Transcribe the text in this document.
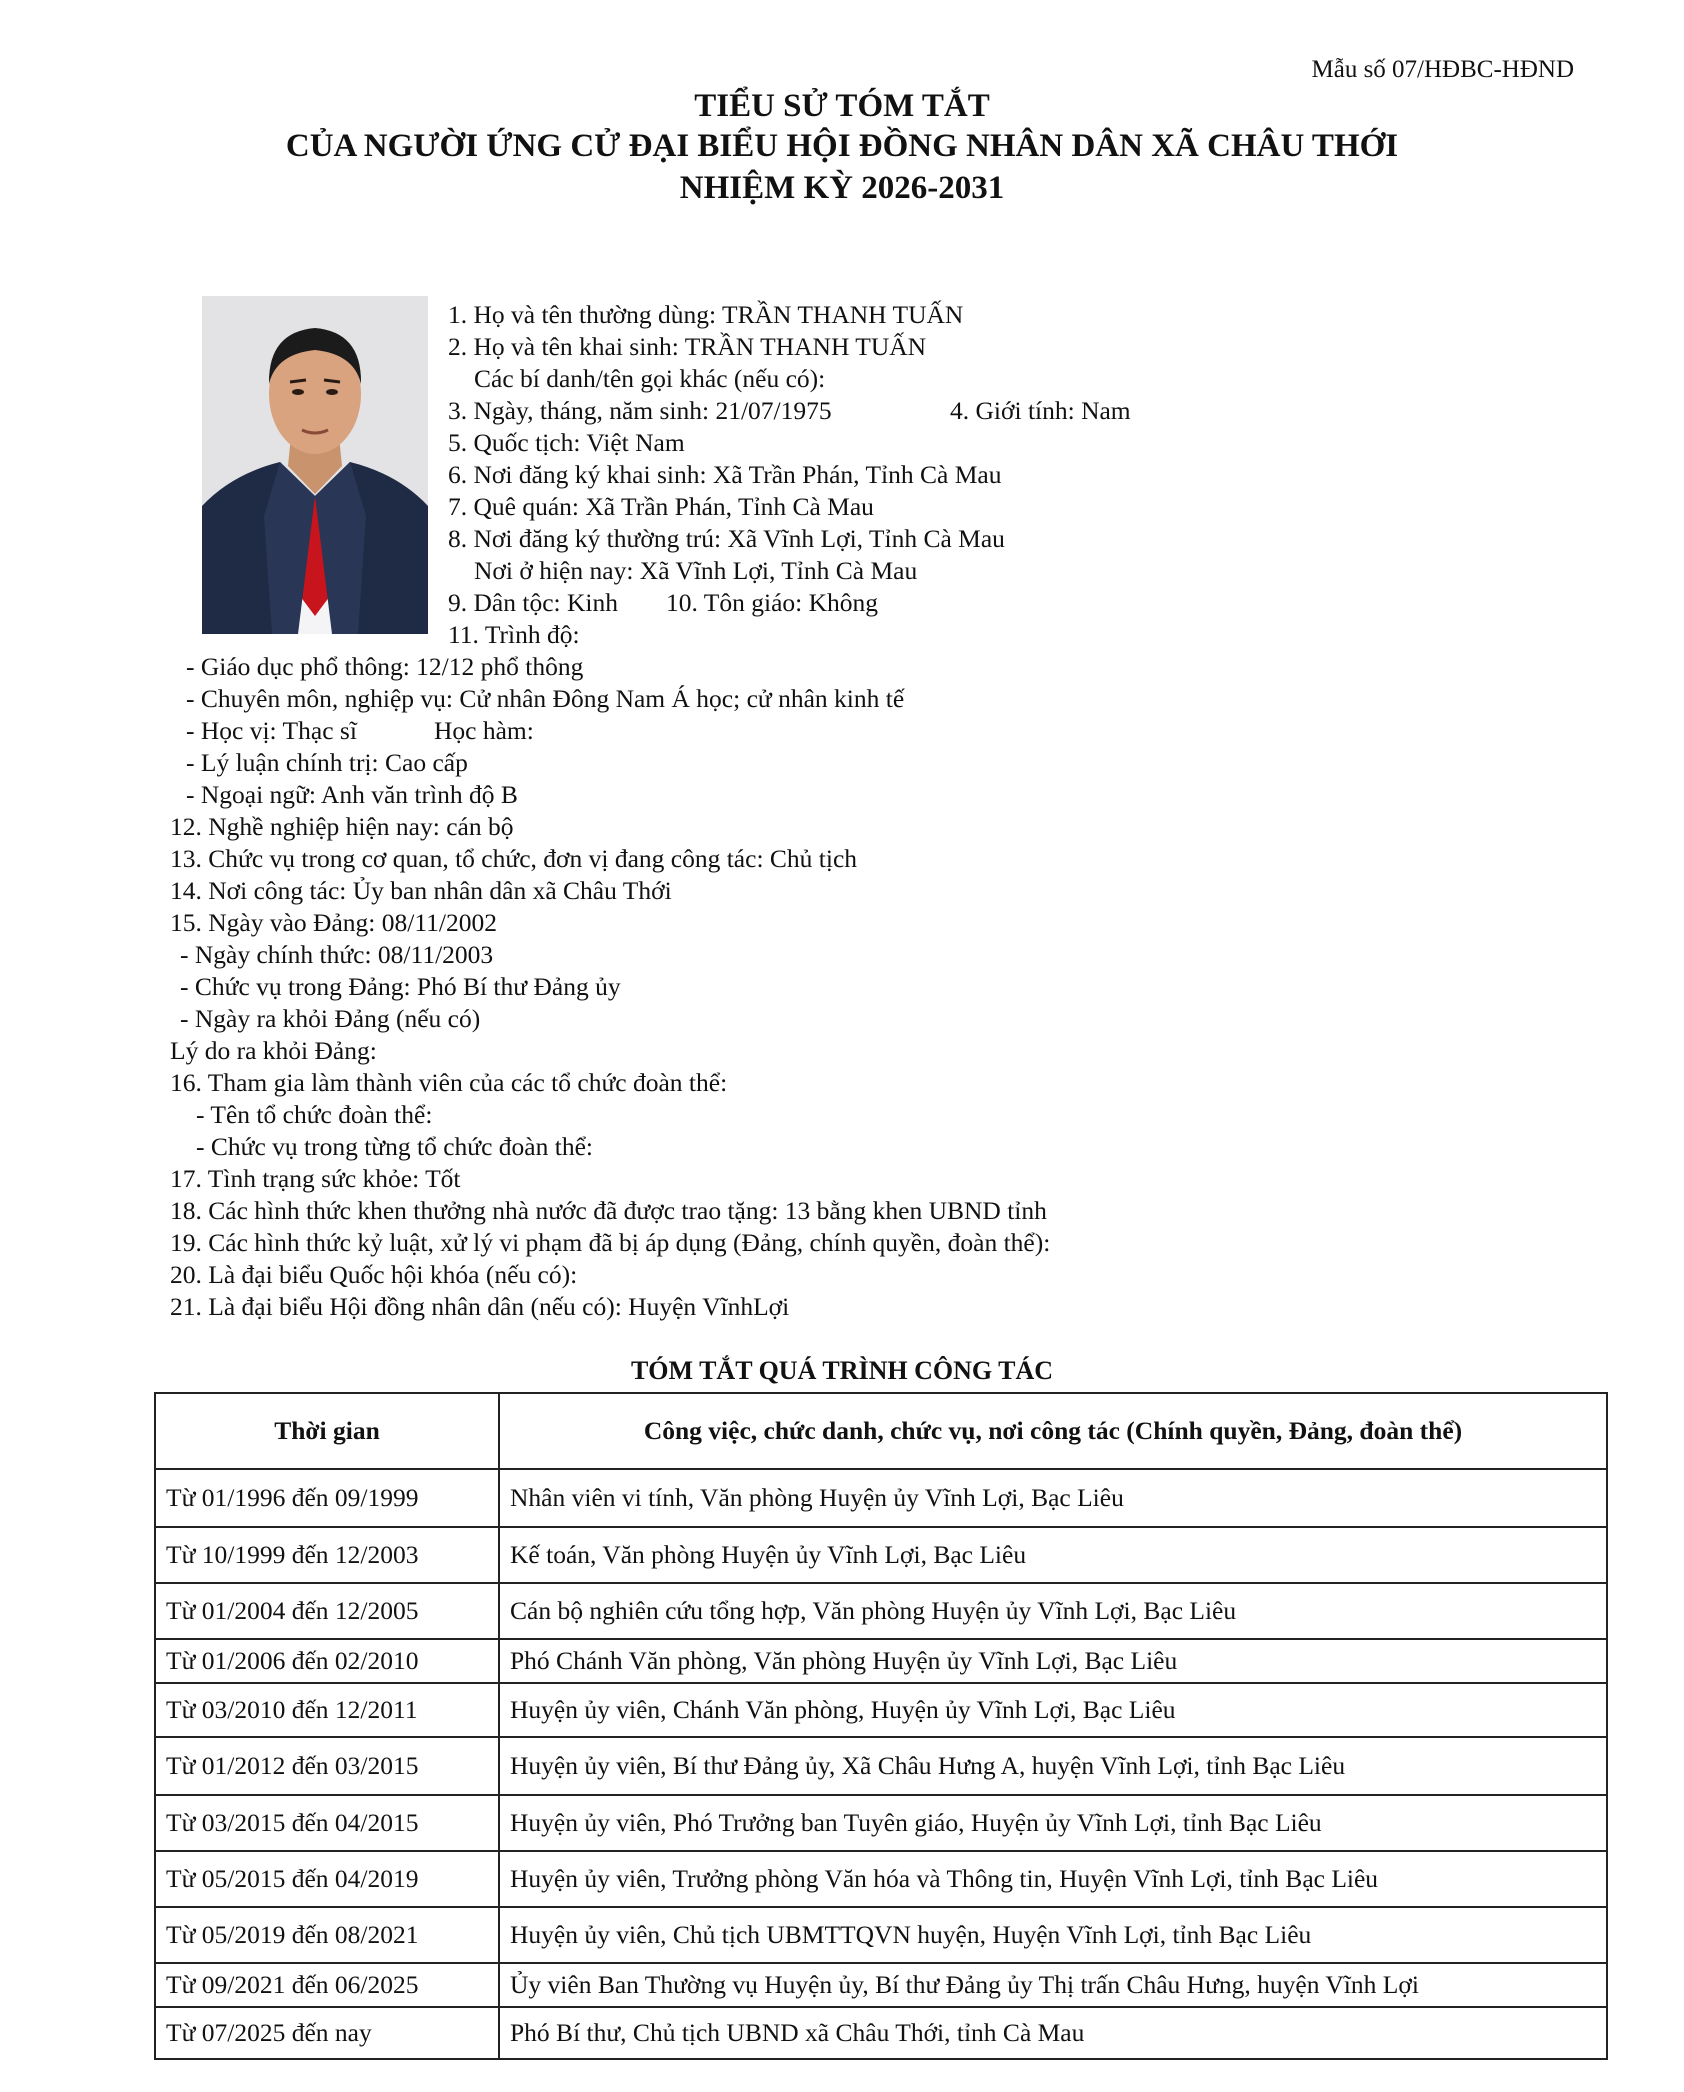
Mẫu số 07/HĐBC-HĐND
TIỂU SỬ TÓM TẮT
CỦA NGƯỜI ỨNG CỬ ĐẠI BIỂU HỘI ĐỒNG NHÂN DÂN XÃ CHÂU THỚI
NHIỆM KỲ 2026-2031
1. Họ và tên thường dùng: TRẦN THANH TUẤN
2. Họ và tên khai sinh: TRẦN THANH TUẤN
Các bí danh/tên gọi khác (nếu có):
3. Ngày, tháng, năm sinh: 21/07/1975	4. Giới tính: Nam
5. Quốc tịch: Việt Nam
6. Nơi đăng ký khai sinh: Xã Trần Phán, Tỉnh Cà Mau
7. Quê quán: Xã Trần Phán, Tỉnh Cà Mau
8. Nơi đăng ký thường trú: Xã Vĩnh Lợi, Tỉnh Cà Mau
Nơi ở hiện nay: Xã Vĩnh Lợi, Tỉnh Cà Mau
9. Dân tộc: Kinh 10. Tôn giáo: Không
11. Trình độ:
- Giáo dục phổ thông: 12/12 phổ thông
- Chuyên môn, nghiệp vụ: Cử nhân Đông Nam Á học; cử nhân kinh tế
- Học vị: Thạc sĩ	Học hàm:
- Lý luận chính trị: Cao cấp
- Ngoại ngữ: Anh văn trình độ B
12. Nghề nghiệp hiện nay: cán bộ
13. Chức vụ trong cơ quan, tổ chức, đơn vị đang công tác: Chủ tịch
14. Nơi công tác: Ủy ban nhân dân xã Châu Thới
15. Ngày vào Đảng: 08/11/2002
- Ngày chính thức: 08/11/2003
- Chức vụ trong Đảng: Phó Bí thư Đảng ủy
- Ngày ra khỏi Đảng (nếu có)
Lý do ra khỏi Đảng:
16. Tham gia làm thành viên của các tổ chức đoàn thể:
- Tên tổ chức đoàn thể:
- Chức vụ trong từng tổ chức đoàn thể:
17. Tình trạng sức khỏe: Tốt
18. Các hình thức khen thưởng nhà nước đã được trao tặng: 13 bằng khen UBND tỉnh
19. Các hình thức kỷ luật, xử lý vi phạm đã bị áp dụng (Đảng, chính quyền, đoàn thể):
20. Là đại biểu Quốc hội khóa (nếu có):
21. Là đại biểu Hội đồng nhân dân (nếu có): Huyện VĩnhLợi
TÓM TẮT QUÁ TRÌNH CÔNG TÁC
Thời gian	Công việc, chức danh, chức vụ, nơi công tác (Chính quyền, Đảng, đoàn thể)
Từ 01/1996 đến 09/1999	Nhân viên vi tính, Văn phòng Huyện ủy Vĩnh Lợi, Bạc Liêu
Từ 10/1999 đến 12/2003	Kế toán, Văn phòng Huyện ủy Vĩnh Lợi, Bạc Liêu
Từ 01/2004 đến 12/2005	Cán bộ nghiên cứu tổng hợp, Văn phòng Huyện ủy Vĩnh Lợi, Bạc Liêu
Từ 01/2006 đến 02/2010	Phó Chánh Văn phòng, Văn phòng Huyện ủy Vĩnh Lợi, Bạc Liêu
Từ 03/2010 đến 12/2011	Huyện ủy viên, Chánh Văn phòng, Huyện ủy Vĩnh Lợi, Bạc Liêu
Từ 01/2012 đến 03/2015	Huyện ủy viên, Bí thư Đảng ủy, Xã Châu Hưng A, huyện Vĩnh Lợi, tỉnh Bạc Liêu
Từ 03/2015 đến 04/2015	Huyện ủy viên, Phó Trưởng ban Tuyên giáo, Huyện ủy Vĩnh Lợi, tỉnh Bạc Liêu
Từ 05/2015 đến 04/2019	Huyện ủy viên, Trưởng phòng Văn hóa và Thông tin, Huyện Vĩnh Lợi, tỉnh Bạc Liêu
Từ 05/2019 đến 08/2021	Huyện ủy viên, Chủ tịch UBMTTQVN huyện, Huyện Vĩnh Lợi, tỉnh Bạc Liêu
Từ 09/2021 đến 06/2025	Ủy viên Ban Thường vụ Huyện ủy, Bí thư Đảng ủy Thị trấn Châu Hưng, huyện Vĩnh Lợi
Từ 07/2025 đến nay	Phó Bí thư, Chủ tịch UBND xã Châu Thới, tỉnh Cà Mau
